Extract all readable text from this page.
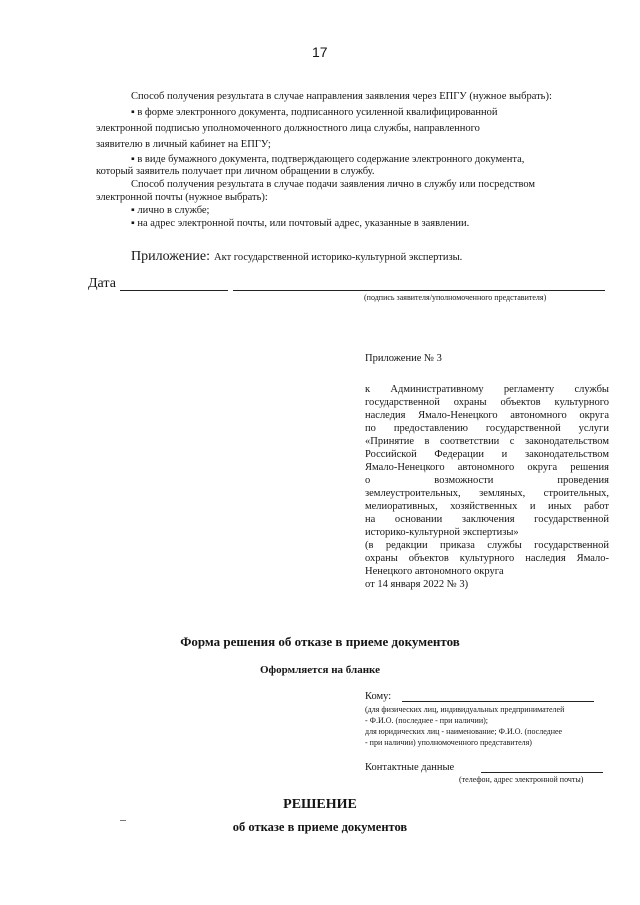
17
Способ получения результата в случае направления заявления через ЕПГУ (нужное выбрать):
▪ в форме электронного документа, подписанного усиленной квалифицированной
электронной подписью уполномоченного должностного лица службы, направленного
заявителю в личный кабинет на ЕПГУ;
▪ в виде бумажного документа, подтверждающего содержание электронного документа,
который заявитель получает при личном обращении в службу.
Способ получения результата в случае подачи заявления лично в службу или посредством
электронной почты (нужное выбрать):
▪ лично в службе;
▪ на адрес электронной почты, или почтовый адрес, указанные в заявлении.
Приложение: Акт государственной историко-культурной экспертизы.
Дата
(подпись заявителя/уполномоченного представителя)
Приложение № 3
к Административному регламенту службы
государственной охраны объектов культурного
наследия Ямало-Ненецкого автономного округа
по предоставлению государственной услуги
«Принятие в соответствии с законодательством
Российской Федерации и законодательством
Ямало-Ненецкого автономного округа решения
о возможности проведения
землеустроительных, земляных, строительных,
мелиоративных, хозяйственных и иных работ
на основании заключения государственной
историко-культурной экспертизы»
(в редакции приказа службы государственной
охраны объектов культурного наследия Ямало-
Ненецкого автономного округа
от 14 января 2022 № 3)
Форма решения об отказе в приеме документов
Оформляется на бланке
Кому:
(для физических лиц, индивидуальных предпринимателей
- Ф.И.О. (последнее - при наличии);
для юридических лиц - наименование; Ф.И.О. (последнее
- при наличии) уполномоченного представителя)
Контактные данные
(телефон, адрес электронной почты)
РЕШЕНИЕ
об отказе в приеме документов
